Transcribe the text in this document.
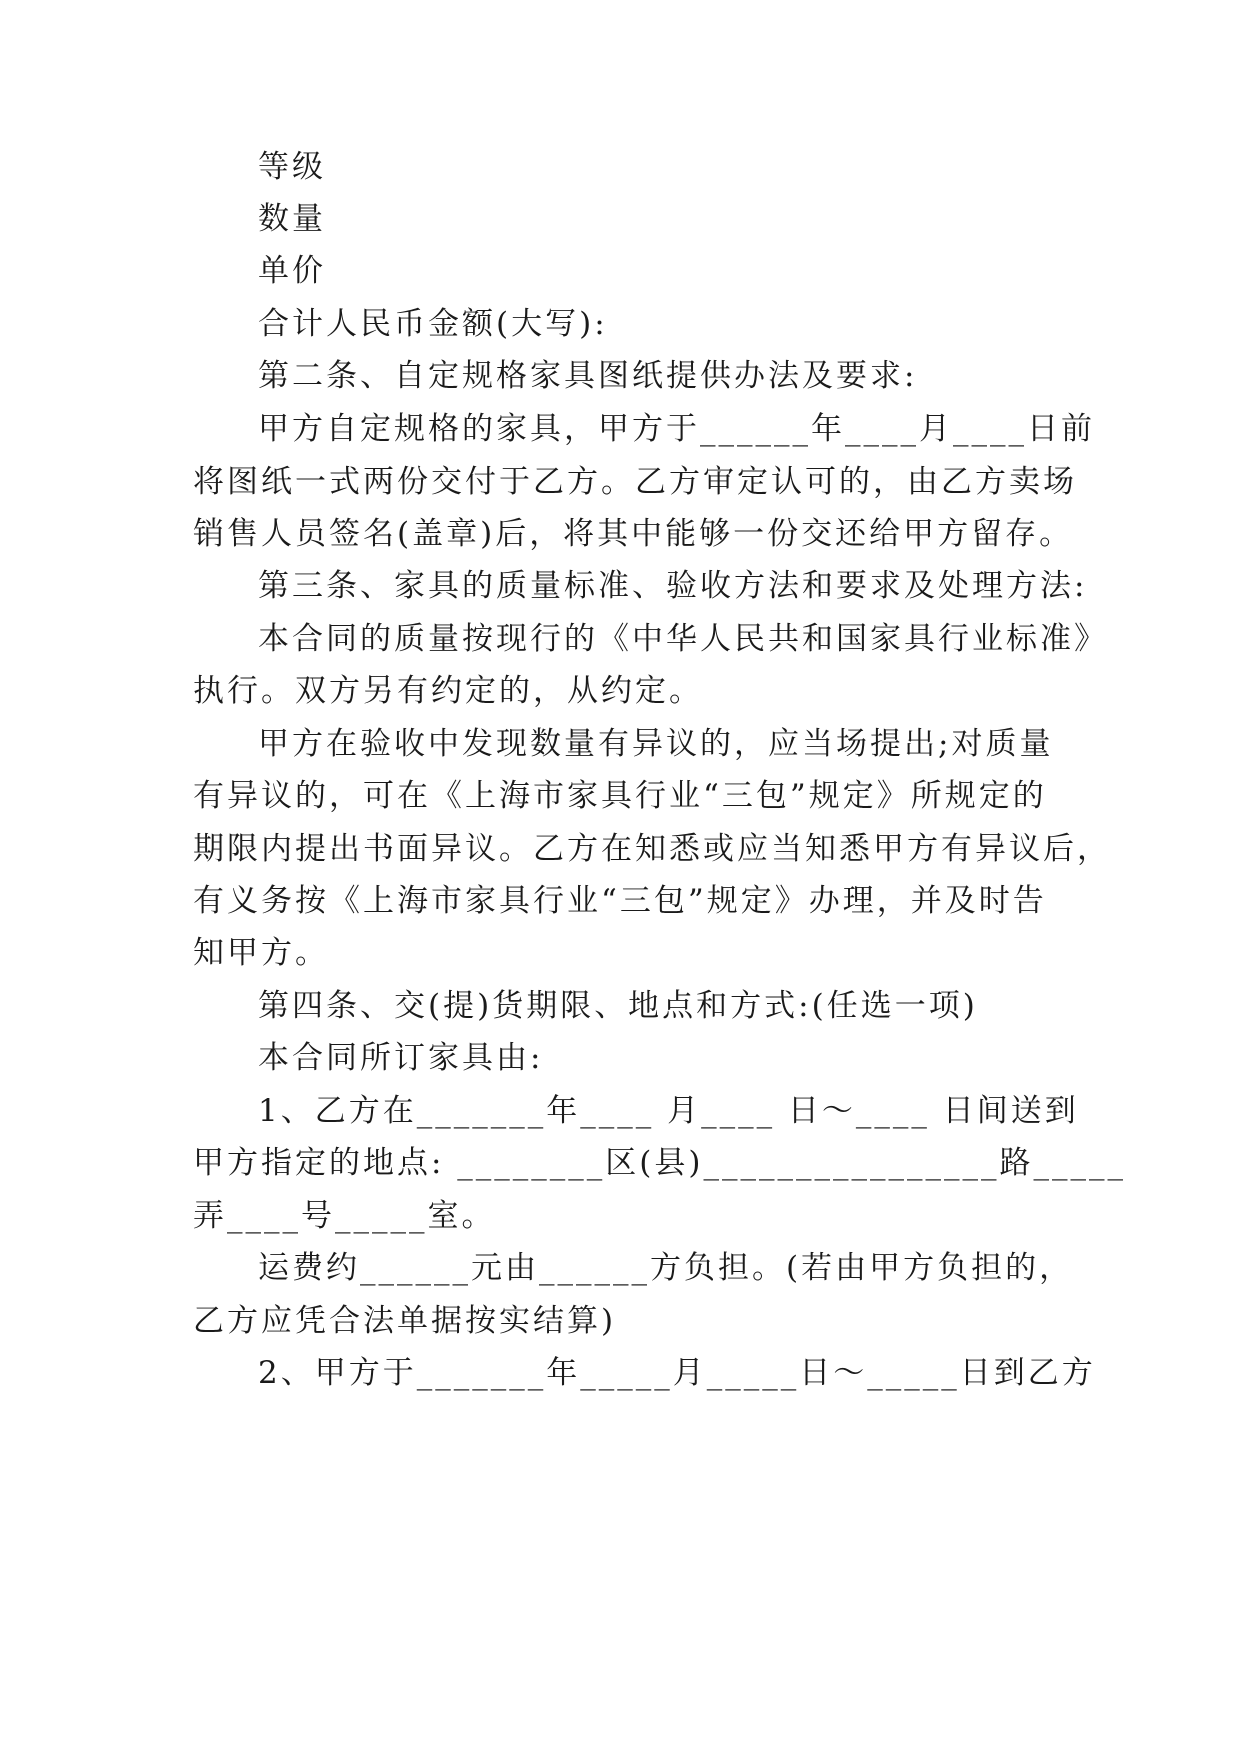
等级
数量
单价
合计人民币金额(大写):
第二条、自定规格家具图纸提供办法及要求:
甲方自定规格的家具，甲方于______年____月____日前
将图纸一式两份交付于乙方。乙方审定认可的，由乙方卖场
销售人员签名(盖章)后，将其中能够一份交还给甲方留存。
第三条、家具的质量标准、验收方法和要求及处理方法:
本合同的质量按现行的《中华人民共和国家具行业标准》
执行。双方另有约定的，从约定。
甲方在验收中发现数量有异议的，应当场提出;对质量
有异议的，可在《上海市家具行业“三包”规定》所规定的
期限内提出书面异议。乙方在知悉或应当知悉甲方有异议后，
有义务按《上海市家具行业“三包”规定》办理，并及时告
知甲方。
第四条、交(提)货期限、地点和方式:(任选一项)
本合同所订家具由:
1、乙方在_______年____ 月____ 日～____ 日间送到
甲方指定的地点: ________区(县)________________路_____
弄____号_____室。
运费约______元由______方负担。(若由甲方负担的，
乙方应凭合法单据按实结算)
2、甲方于_______年_____月_____日～_____日到乙方
